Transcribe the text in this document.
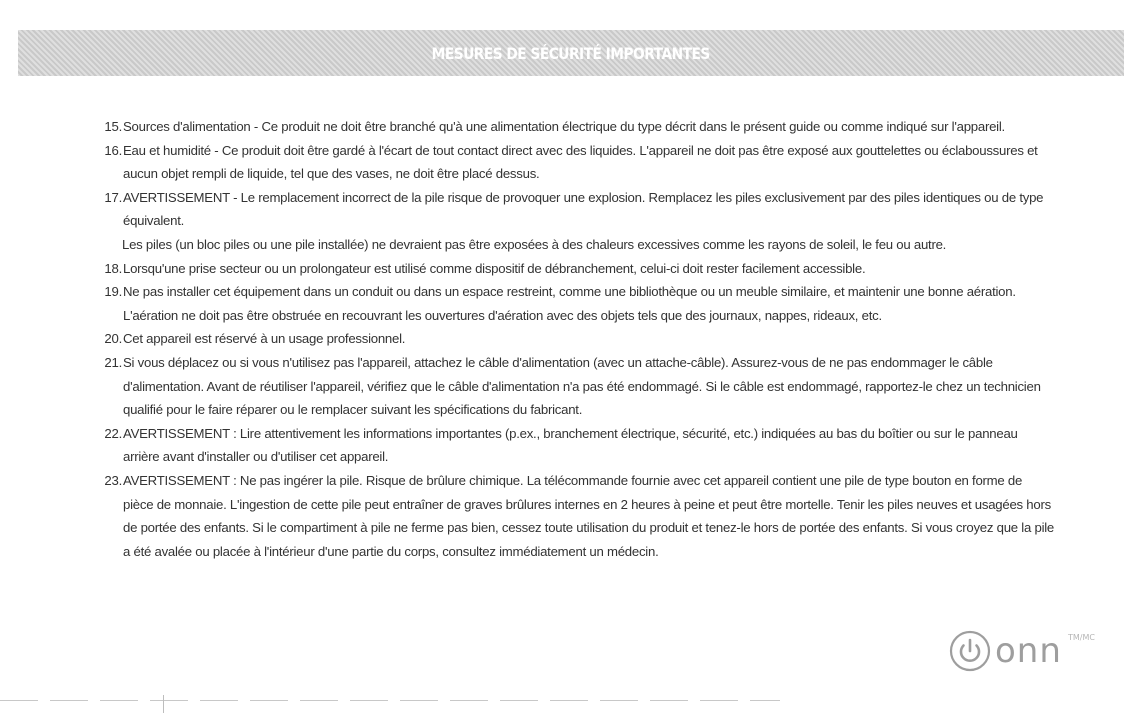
MESURES DE SÉCURITÉ IMPORTANTES
15. Sources d'alimentation - Ce produit ne doit être branché qu'à une alimentation électrique du type décrit dans le présent guide ou comme indiqué sur l'appareil.
16. Eau et humidité - Ce produit doit être gardé à l'écart de tout contact direct avec des liquides. L'appareil ne doit pas être exposé aux gouttelettes ou éclaboussures et aucun objet rempli de liquide, tel que des vases, ne doit être placé dessus.
17. AVERTISSEMENT - Le remplacement incorrect de la pile risque de provoquer une explosion. Remplacez les piles exclusivement par des piles identiques ou de type équivalent.
Les piles (un bloc piles ou une pile installée) ne devraient pas être exposées à des chaleurs excessives comme les rayons de soleil, le feu ou autre.
18. Lorsqu'une prise secteur ou un prolongateur est utilisé comme dispositif de débranchement, celui-ci doit rester facilement accessible.
19. Ne pas installer cet équipement dans un conduit ou dans un espace restreint, comme une bibliothèque ou un meuble similaire, et maintenir une bonne aération. L'aération ne doit pas être obstruée en recouvrant les ouvertures d'aération avec des objets tels que des journaux, nappes, rideaux, etc.
20. Cet appareil est réservé à un usage professionnel.
21. Si vous déplacez ou si vous n'utilisez pas l'appareil, attachez le câble d'alimentation (avec un attache-câble). Assurez-vous de ne pas endommager le câble d'alimentation. Avant de réutiliser l'appareil, vérifiez que le câble d'alimentation n'a pas été endommagé. Si le câble est endommagé, rapportez-le chez un technicien qualifié pour le faire réparer ou le remplacer suivant les spécifications du fabricant.
22. AVERTISSEMENT : Lire attentivement les informations importantes (p.ex., branchement électrique, sécurité, etc.) indiquées au bas du boîtier ou sur le panneau arrière avant d'installer ou d'utiliser cet appareil.
23. AVERTISSEMENT : Ne pas ingérer la pile. Risque de brûlure chimique. La télécommande fournie avec cet appareil contient une pile de type bouton en forme de pièce de monnaie. L'ingestion de cette pile peut entraîner de graves brûlures internes en 2 heures à peine et peut être mortelle. Tenir les piles neuves et usagées hors de portée des enfants. Si le compartiment à pile ne ferme pas bien, cessez toute utilisation du produit et tenez-le hors de portée des enfants. Si vous croyez que la pile a été avalée ou placée à l'intérieur d'une partie du corps, consultez immédiatement un médecin.
onn TM/MC
